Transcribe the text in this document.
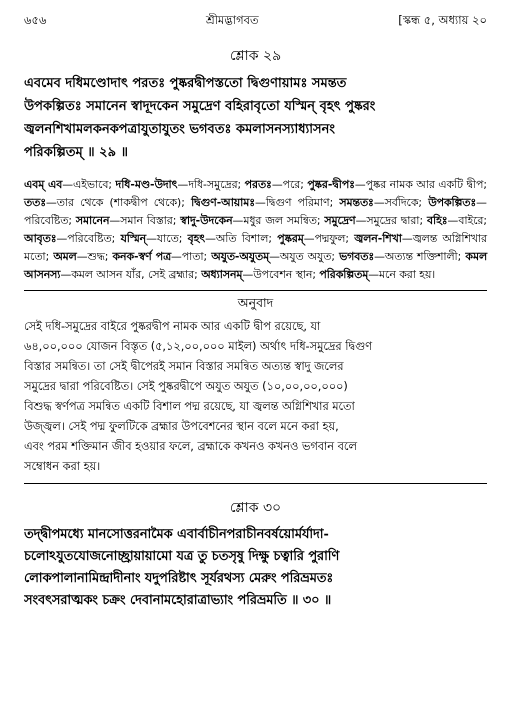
৬৫৬	শ্রীমদ্ভাগবত	[স্কন্ধ ৫, অধ্যায় ২০
শ্লোক ২৯
এবমেব দধিমণ্ডোদাৎ পরতঃ পুষ্করদ্বীপস্ততো দ্বিগুণায়ামঃ সমন্তত
উপকল্পিতঃ সমানেন স্বাদূদকেন সমুদ্রেণ বহিরাবৃতো যস্মিন্ বৃহৎ পুষ্করং
জ্বলনশিখামলকনকপত্রাযুতাযুতং ভগবতঃ কমলাসনস্যাধ্যাসনং
পরিকল্পিতম্ ॥ ২৯ ॥
এবম্ এব—এইভাবে; দধি-মণ্ড-উদাৎ—দধি-সমুদ্রের; পরতঃ—পরে; পুষ্কর-দ্বীপঃ—পুষ্কর নামক আর একটি দ্বীপ; ততঃ—তার থেকে (শাকদ্বীপ থেকে); দ্বিগুণ-আয়ামঃ—দ্বিগুণ পরিমাণ; সমন্ততঃ—সর্বদিকে; উপকল্পিতঃ—পরিবেষ্টিত; সমানেন—সমান বিস্তার; স্বাদু-উদকেন—মধুর জল সমন্বিত; সমুদ্রেণ—সমুদ্রের দ্বারা; বহিঃ—বাইরে; আবৃতঃ—পরিবেষ্টিত; যস্মিন্—যাতে; বৃহৎ—অতি বিশাল; পুষ্করম্—পদ্মফুল; জ্বলন-শিখা—জ্বলন্ত অগ্নিশিখার মতো; অমল—শুদ্ধ; কনক-স্বর্ণ পত্র—পাতা; অযুত-অযুতম্—অযুত অযুত; ভগবতঃ—অত্যন্ত শক্তিশালী; কমল আসনস্য—কমল আসন যাঁর, সেই ব্রহ্মার; অধ্যাসনম্—উপবেশন স্থান; পরিকল্পিতম্—মনে করা হয়।
অনুবাদ
সেই দধি-সমুদ্রের বাইরে পুষ্করদ্বীপ নামক আর একটি দ্বীপ রয়েছে, যা
৬৪,০০,০০০ যোজন বিস্তৃত (৫,১২,০০,০০০ মাইল) অর্থাৎ দধি-সমুদ্রের দ্বিগুণ
বিস্তার সমন্বিত। তা সেই দ্বীপেরই সমান বিস্তার সমন্বিত অত্যন্ত স্বাদু জলের
সমুদ্রের দ্বারা পরিবেষ্টিত। সেই পুষ্করদ্বীপে অযুত অযুত (১০,০০,০০,০০০)
বিশুদ্ধ স্বর্ণপত্র সমন্বিত একটি বিশাল পদ্ম রয়েছে, যা জ্বলন্ত অগ্নিশিখার মতো
উজ্জ্বল। সেই পদ্ম ফুলটিকে ব্রহ্মার উপবেশনের স্থান বলে মনে করা হয়,
এবং পরম শক্তিমান জীব হওয়ার ফলে, ব্রহ্মাকে কখনও কখনও ভগবান বলে
সম্বোধন করা হয়।
শ্লোক ৩০
তদ্দ্বীপমধ্যে মানসোত্তরনামৈক এবার্বাচীনপরাচীনবর্ষয়োর্মর্যাদা-
চলোঽযুতযোজনোচ্ছ্রায়ায়ামো যত্র তু চতসৃষু দিক্ষু চত্বারি পুরাণি
লোকপালানামিন্দ্রাদীনাং যদুপরিষ্টাৎ সূর্যরথস্য মেরুং পরিভ্রমতঃ
সংবৎসরাত্মকং চক্রং দেবানামহোরাত্রাভ্যাং পরিভ্রমতি ॥ ৩০ ॥
